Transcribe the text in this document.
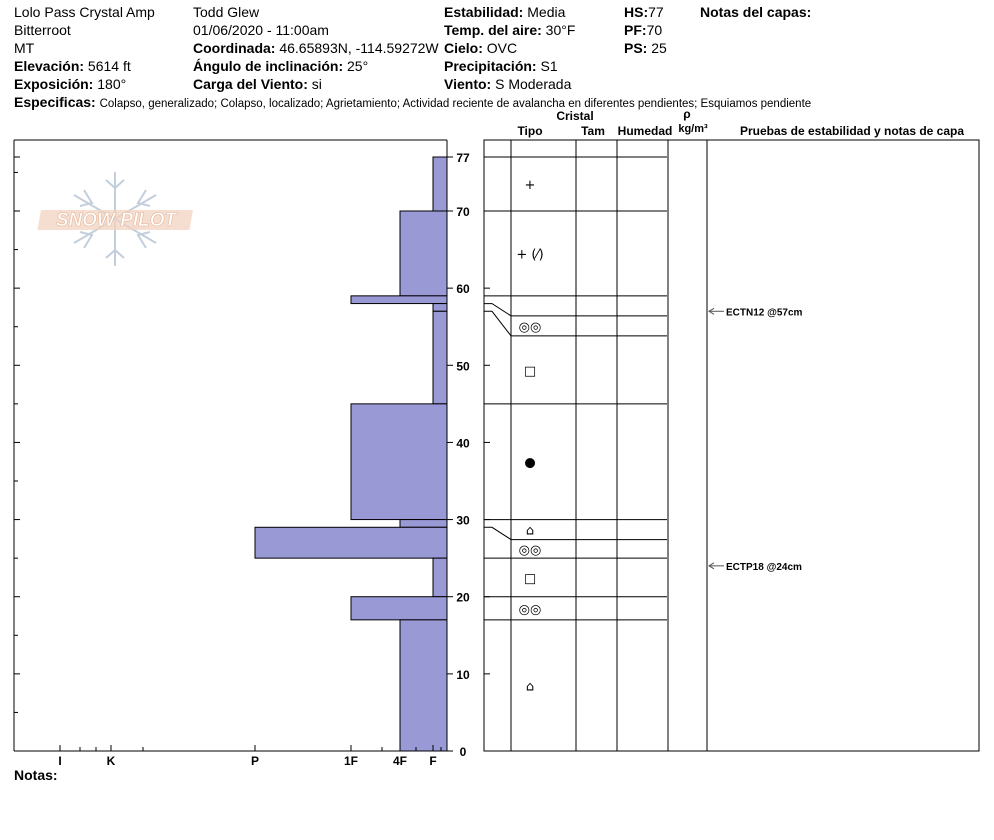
Lolo Pass Crystal Amp
Bitterroot
MT
Elevación: 5614 ft
Exposición: 180°
Todd Glew
01/06/2020 - 11:00am
Coordinada: 46.65893N, -114.59272W
Ángulo de inclinación: 25°
Carga del Viento: si
Estabilidad: Media
Temp. del aire: 30°F
Cielo: OVC
Precipitación: S1
Viento: S Moderada
HS:77
PF:70
PS: 25
Notas del capas:
Especificas: Colapso, generalizado; Colapso, localizado; Agrietamiento; Actividad reciente de avalancha en diferentes pendientes; Esquiamos pendiente
Cristal
Tipo	Tam	Humedad
ρ
kg/m³	Pruebas de estabilidad y notas de capa
SNOW PILOT
0
10
20
30
40
50
60
70
77
F
4F
1F
P
K
I
+
+ (⁄)
◎◎
□
●
⌂
◎◎
□
◎◎
⌂
ECTN12 @57cm
ECTP18 @24cm
Notas:
